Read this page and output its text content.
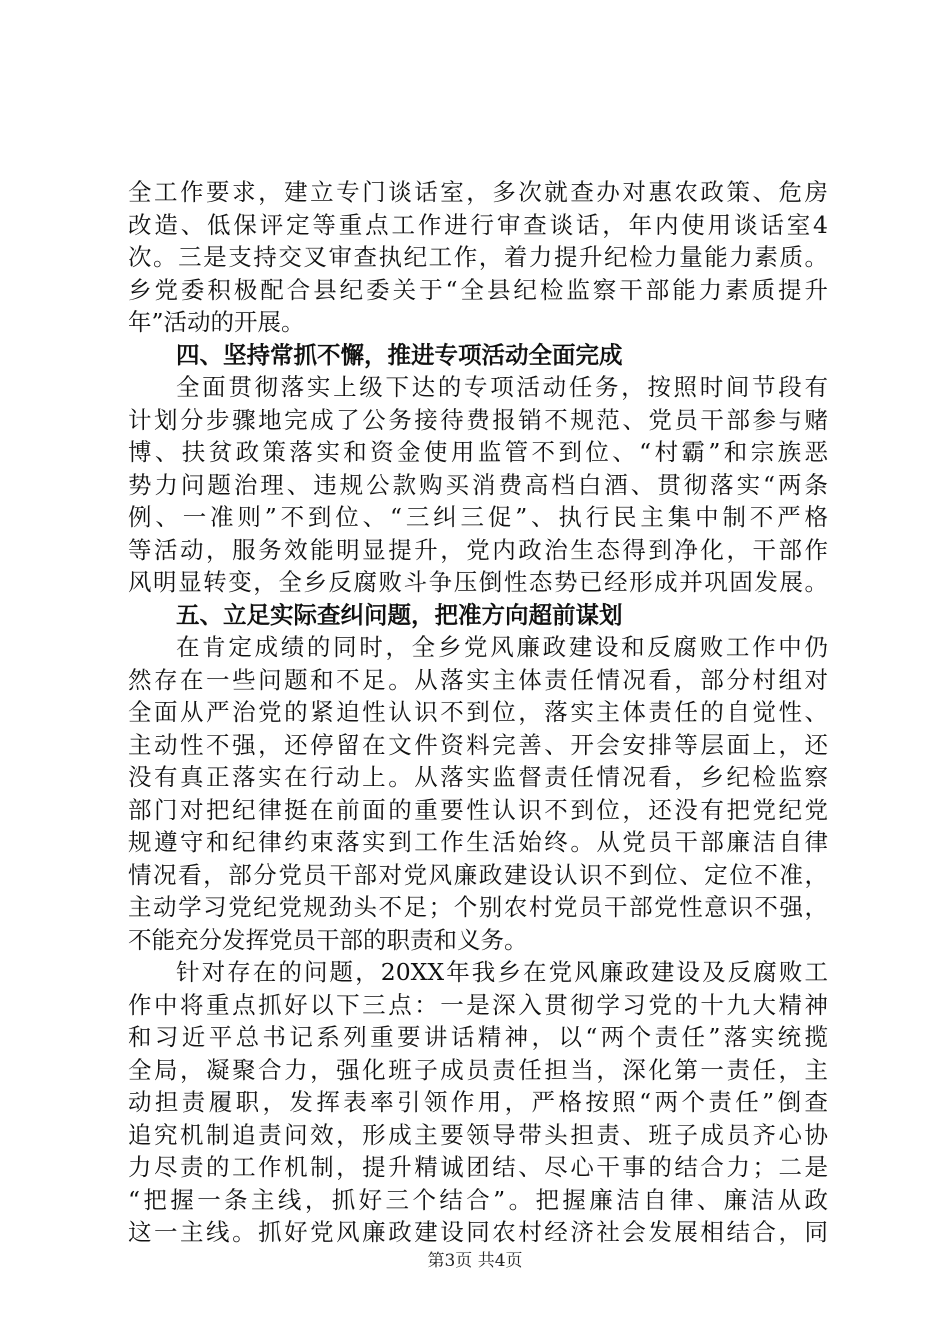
全工作要求，建立专门谈话室，多次就查办对惠农政策、危房
改造、低保评定等重点工作进行审查谈话，年内使用谈话室4
次。三是支持交叉审查执纪工作，着力提升纪检力量能力素质。
乡党委积极配合县纪委关于“全县纪检监察干部能力素质提升
年”活动的开展。
四、坚持常抓不懈，推进专项活动全面完成
全面贯彻落实上级下达的专项活动任务，按照时间节段有
计划分步骤地完成了公务接待费报销不规范、党员干部参与赌
博、扶贫政策落实和资金使用监管不到位、“村霸”和宗族恶
势力问题治理、违规公款购买消费高档白酒、贯彻落实“两条
例、一准则”不到位、“三纠三促”、执行民主集中制不严格
等活动，服务效能明显提升，党内政治生态得到净化，干部作
风明显转变，全乡反腐败斗争压倒性态势已经形成并巩固发展。
五、立足实际查纠问题，把准方向超前谋划
在肯定成绩的同时，全乡党风廉政建设和反腐败工作中仍
然存在一些问题和不足。从落实主体责任情况看，部分村组对
全面从严治党的紧迫性认识不到位，落实主体责任的自觉性、
主动性不强，还停留在文件资料完善、开会安排等层面上，还
没有真正落实在行动上。从落实监督责任情况看，乡纪检监察
部门对把纪律挺在前面的重要性认识不到位，还没有把党纪党
规遵守和纪律约束落实到工作生活始终。从党员干部廉洁自律
情况看，部分党员干部对党风廉政建设认识不到位、定位不准，
主动学习党纪党规劲头不足；个别农村党员干部党性意识不强，
不能充分发挥党员干部的职责和义务。
针对存在的问题，20XX年我乡在党风廉政建设及反腐败工
作中将重点抓好以下三点：一是深入贯彻学习党的十九大精神
和习近平总书记系列重要讲话精神，以“两个责任”落实统揽
全局，凝聚合力，强化班子成员责任担当，深化第一责任，主
动担责履职，发挥表率引领作用，严格按照“两个责任”倒查
追究机制追责问效，形成主要领导带头担责、班子成员齐心协
力尽责的工作机制，提升精诚团结、尽心干事的结合力；二是
“把握一条主线，抓好三个结合”。把握廉洁自律、廉洁从政
这一主线。抓好党风廉政建设同农村经济社会发展相结合，同
第3页 共4页
